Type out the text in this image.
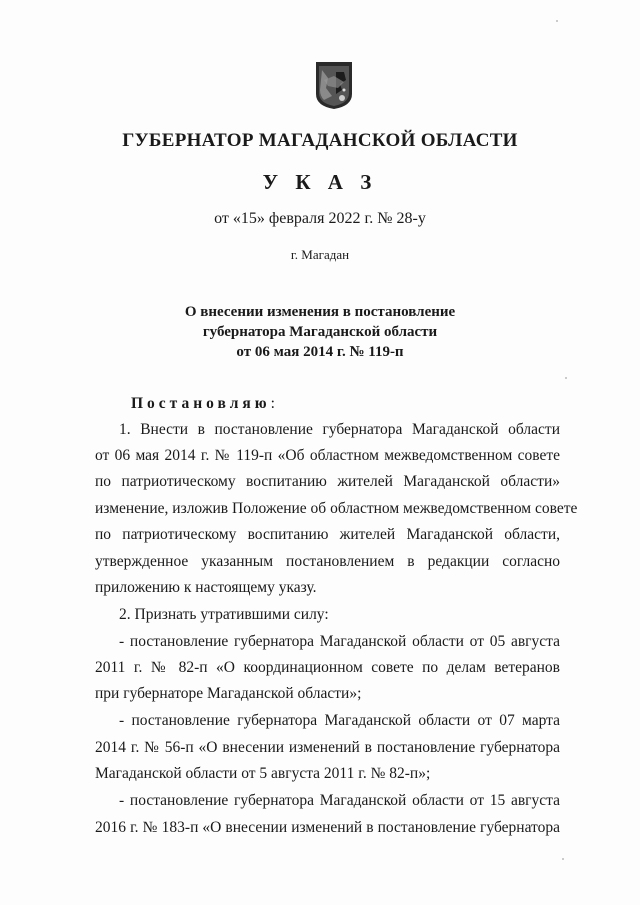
ГУБЕРНАТОР МАГАДАНСКОЙ ОБЛАСТИ
У К А З
от «15» февраля 2022 г. № 28-у
г. Магадан
О внесении изменения в постановление
губернатора Магаданской области
от 06 мая 2014 г. № 119-п
Постановляю:
1. Внести в постановление губернатора Магаданской области
от 06 мая 2014 г. № 119-п «Об областном межведомственном совете
по патриотическому воспитанию жителей Магаданской области»
изменение, изложив Положение об областном межведомственном совете
по патриотическому воспитанию жителей Магаданской области,
утвержденное указанным постановлением в редакции согласно
приложению к настоящему указу.
2. Признать утратившими силу:
- постановление губернатора Магаданской области от 05 августа
2011 г. № 82-п «О координационном совете по делам ветеранов
при губернаторе Магаданской области»;
- постановление губернатора Магаданской области от 07 марта
2014 г. № 56-п «О внесении изменений в постановление губернатора
Магаданской области от 5 августа 2011 г. № 82-п»;
- постановление губернатора Магаданской области от 15 августа
2016 г. № 183-п «О внесении изменений в постановление губернатора
